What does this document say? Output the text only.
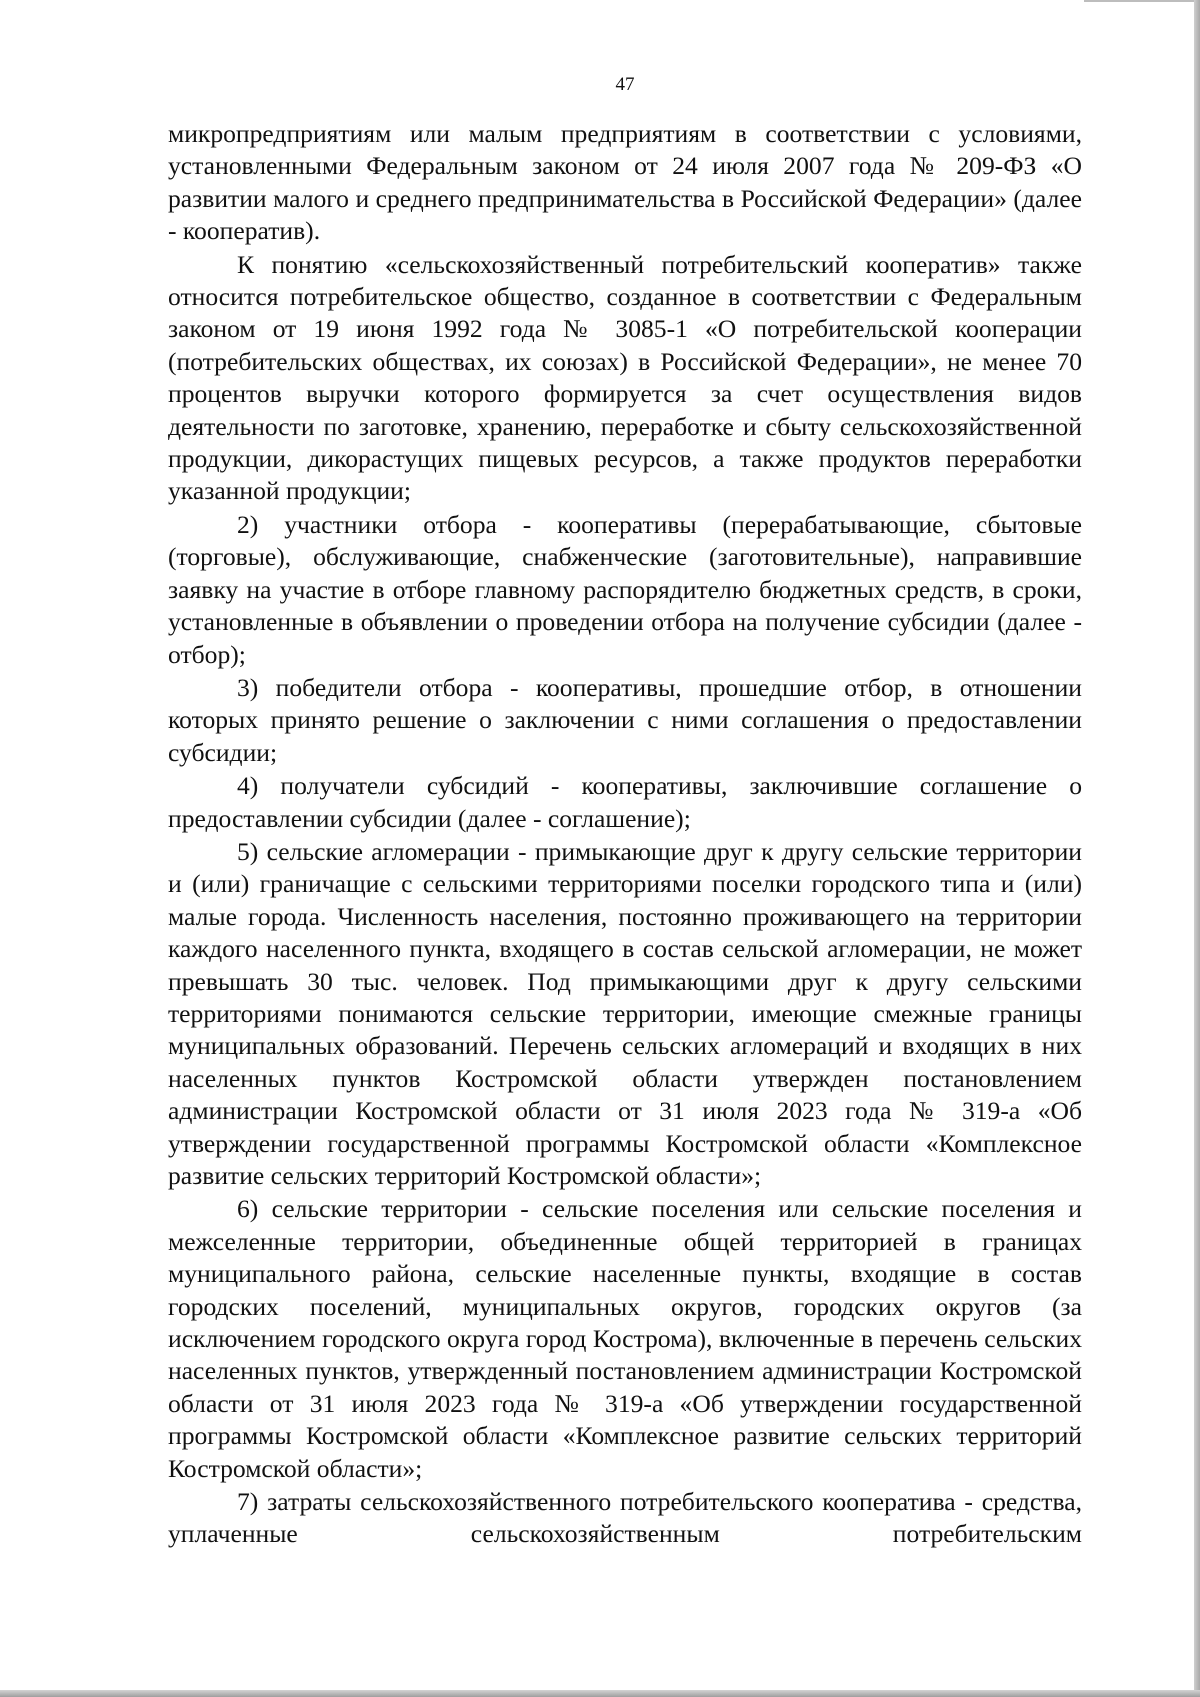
47

микропредприятиям или малым предприятиям в соответствии с условиями, установленными Федеральным законом от 24 июля 2007 года № 209-ФЗ «О развитии малого и среднего предпринимательства в Российской Федерации» (далее - кооператив).

К понятию «сельскохозяйственный потребительский кооператив» также относится потребительское общество, созданное в соответствии с Федеральным законом от 19 июня 1992 года № 3085-1 «О потребительской кооперации (потребительских обществах, их союзах) в Российской Федерации», не менее 70 процентов выручки которого формируется за счет осуществления видов деятельности по заготовке, хранению, переработке и сбыту сельскохозяйственной продукции, дикорастущих пищевых ресурсов, а также продуктов переработки указанной продукции;

2) участники отбора - кооперативы (перерабатывающие, сбытовые (торговые), обслуживающие, снабженческие (заготовительные), направившие заявку на участие в отборе главному распорядителю бюджетных средств, в сроки, установленные в объявлении о проведении отбора на получение субсидии (далее - отбор);

3) победители отбора - кооперативы, прошедшие отбор, в отношении которых принято решение о заключении с ними соглашения о предоставлении субсидии;

4) получатели субсидий - кооперативы, заключившие соглашение о предоставлении субсидии (далее - соглашение);

5) сельские агломерации - примыкающие друг к другу сельские территории и (или) граничащие с сельскими территориями поселки городского типа и (или) малые города. Численность населения, постоянно проживающего на территории каждого населенного пункта, входящего в состав сельской агломерации, не может превышать 30 тыс. человек. Под примыкающими друг к другу сельскими территориями понимаются сельские территории, имеющие смежные границы муниципальных образований. Перечень сельских агломераций и входящих в них населенных пунктов Костромской области утвержден постановлением администрации Костромской области от 31 июля 2023 года № 319-а «Об утверждении государственной программы Костромской области «Комплексное развитие сельских территорий Костромской области»;

6) сельские территории - сельские поселения или сельские поселения и межселенные территории, объединенные общей территорией в границах муниципального района, сельские населенные пункты, входящие в состав городских поселений, муниципальных округов, городских округов (за исключением городского округа город Кострома), включенные в перечень сельских населенных пунктов, утвержденный постановлением администрации Костромской области от 31 июля 2023 года № 319-а «Об утверждении государственной программы Костромской области «Комплексное развитие сельских территорий Костромской области»;

7) затраты сельскохозяйственного потребительского кооператива - средства, уплаченные сельскохозяйственным потребительским
